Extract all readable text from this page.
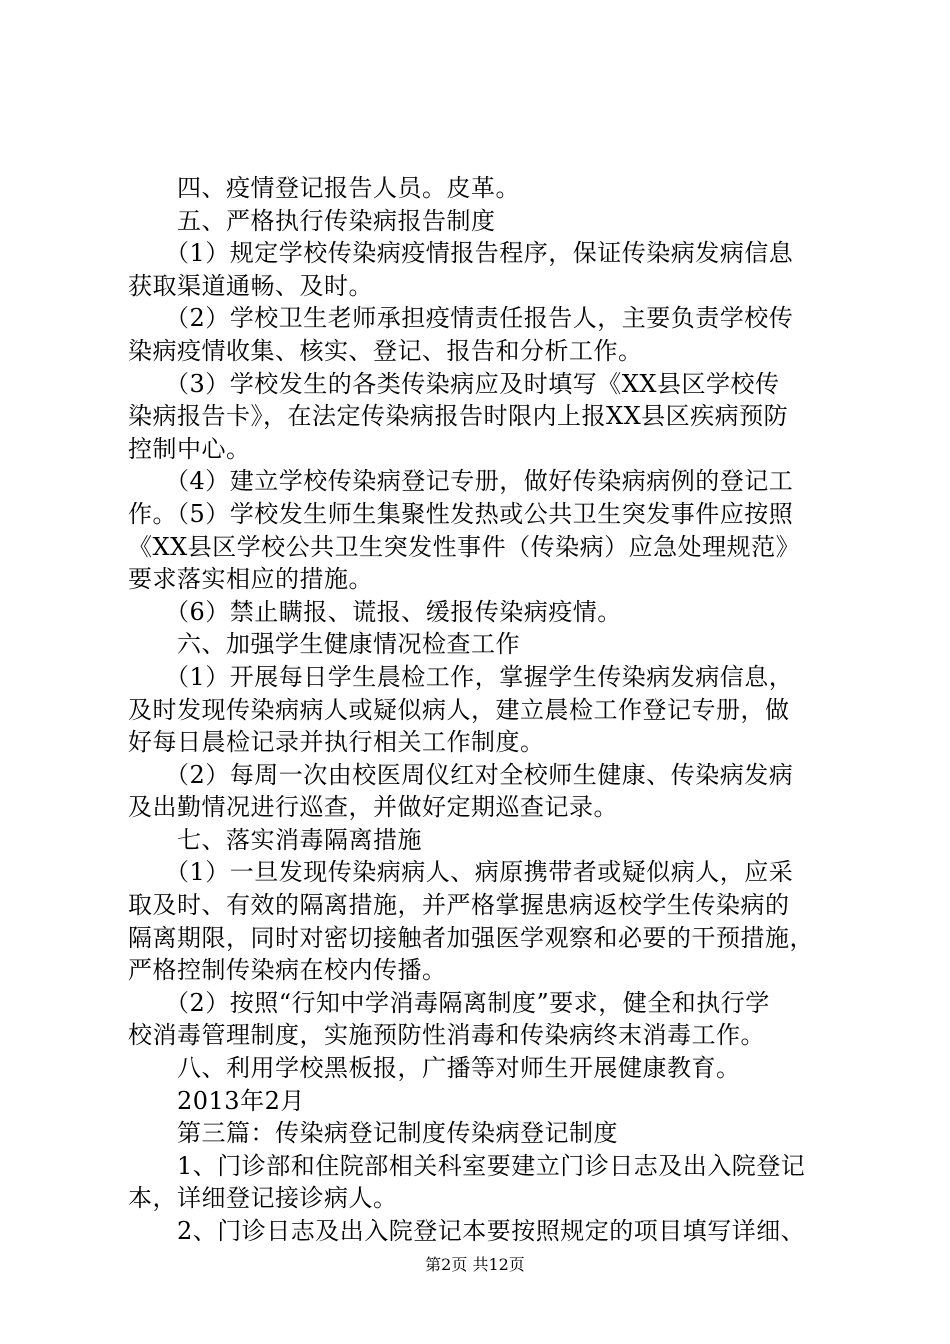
　　四、疫情登记报告人员。皮革。
　　五、严格执行传染病报告制度
　　（1）规定学校传染病疫情报告程序，保证传染病发病信息
获取渠道通畅、及时。
　　（2）学校卫生老师承担疫情责任报告人，主要负责学校传
染病疫情收集、核实、登记、报告和分析工作。
　　（3）学校发生的各类传染病应及时填写《XX县区学校传
染病报告卡》，在法定传染病报告时限内上报XX县区疾病预防
控制中心。
　　（4）建立学校传染病登记专册，做好传染病病例的登记工
作。（5）学校发生师生集聚性发热或公共卫生突发事件应按照
《XX县区学校公共卫生突发性事件（传染病）应急处理规范》
要求落实相应的措施。
　　（6）禁止瞒报、谎报、缓报传染病疫情。
　　六、加强学生健康情况检查工作
　　（1）开展每日学生晨检工作，掌握学生传染病发病信息，
及时发现传染病病人或疑似病人，建立晨检工作登记专册，做
好每日晨检记录并执行相关工作制度。
　　（2）每周一次由校医周仪红对全校师生健康、传染病发病
及出勤情况进行巡查，并做好定期巡查记录。
　　七、落实消毒隔离措施
　　（1）一旦发现传染病病人、病原携带者或疑似病人，应采
取及时、有效的隔离措施，并严格掌握患病返校学生传染病的
隔离期限，同时对密切接触者加强医学观察和必要的干预措施，
严格控制传染病在校内传播。
　　（2）按照“行知中学消毒隔离制度”要求，健全和执行学
校消毒管理制度，实施预防性消毒和传染病终末消毒工作。
　　八、利用学校黑板报，广播等对师生开展健康教育。
　　2013年2月
　　第三篇：传染病登记制度传染病登记制度
　　1、门诊部和住院部相关科室要建立门诊日志及出入院登记
本，详细登记接诊病人。
　　2、门诊日志及出入院登记本要按照规定的项目填写详细、
第2页 共12页
